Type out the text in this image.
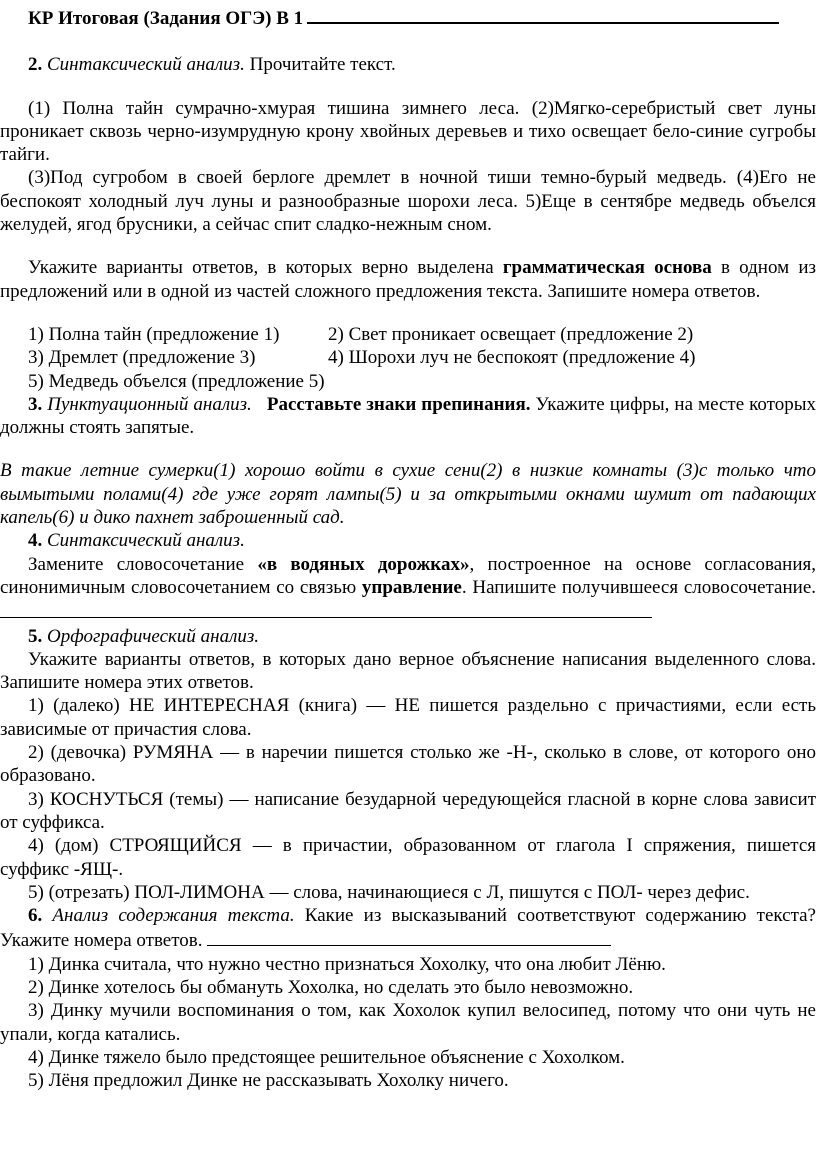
КР Итоговая (Задания ОГЭ) В 1

2. Синтаксический анализ. Прочитайте текст.

(1) Полна тайн сумрачно-хмурая тишина зимнего леса. (2)Мягко-серебристый свет луны проникает сквозь черно-изумрудную крону хвойных деревьев и тихо освещает бело-синие сугробы тайги.

(3)Под сугробом в своей берлоге дремлет в ночной тиши темно-бурый медведь. (4)Его не беспокоят холодный луч луны и разнообразные шорохи леса. 5)Еще в сентябре медведь объелся желудей, ягод брусники, а сейчас спит сладко-нежным сном.

Укажите варианты ответов, в которых верно выделена грамматическая основа в одном из предложений или в одной из частей сложного предложения текста. Запишите номера ответов.

1) Полна тайн (предложение 1)	2) Свет проникает освещает (предложение 2)
3) Дремлет (предложение 3)	4) Шорохи луч не беспокоят (предложение 4)

5) Медведь объелся (предложение 5)

3. Пунктуационный анализ. Расставьте знаки препинания. Укажите цифры, на месте которых должны стоять запятые.

В такие летние сумерки(1) хорошо войти в сухие сени(2) в низкие комнаты (3)с только что вымытыми полами(4) где уже горят лампы(5) и за открытыми окнами шумит от падающих капель(6) и дико пахнет заброшенный сад.

4. Синтаксический анализ.

Замените словосочетание «в водяных дорожках», построенное на основе согласования, синонимичным словосочетанием со связью управление. Напишите получившееся словосочетание.

5. Орфографический анализ.

Укажите варианты ответов, в которых дано верное объяснение написания выделенного слова. Запишите номера этих ответов.

1) (далеко) НЕ ИНТЕРЕСНАЯ (книга) — НЕ пишется раздельно с причастиями, если есть зависимые от причастия слова.

2) (девочка) РУМЯНА — в наречии пишется столько же -Н-, сколько в слове, от которого оно образовано.

3) КОСНУТЬСЯ (темы) — написание безударной чередующейся гласной в корне слова зависит от суффикса.

4) (дом) СТРОЯЩИЙСЯ — в причастии, образованном от глагола I спряжения, пишется суффикс -ЯЩ-.

5) (отрезать) ПОЛ-ЛИМОНА — слова, начинающиеся с Л, пишутся с ПОЛ- через дефис.

6. Анализ содержания текста. Какие из высказываний соответствуют содержанию текста? Укажите номера ответов.

1) Динка считала, что нужно честно признаться Хохолку, что она любит Лёню.

2) Динке хотелось бы обмануть Хохолка, но сделать это было невозможно.

3) Динку мучили воспоминания о том, как Хохолок купил велосипед, потому что они чуть не упали, когда катались.

4) Динке тяжело было предстоящее решительное объяснение с Хохолком.

5) Лёня предложил Динке не рассказывать Хохолку ничего.
